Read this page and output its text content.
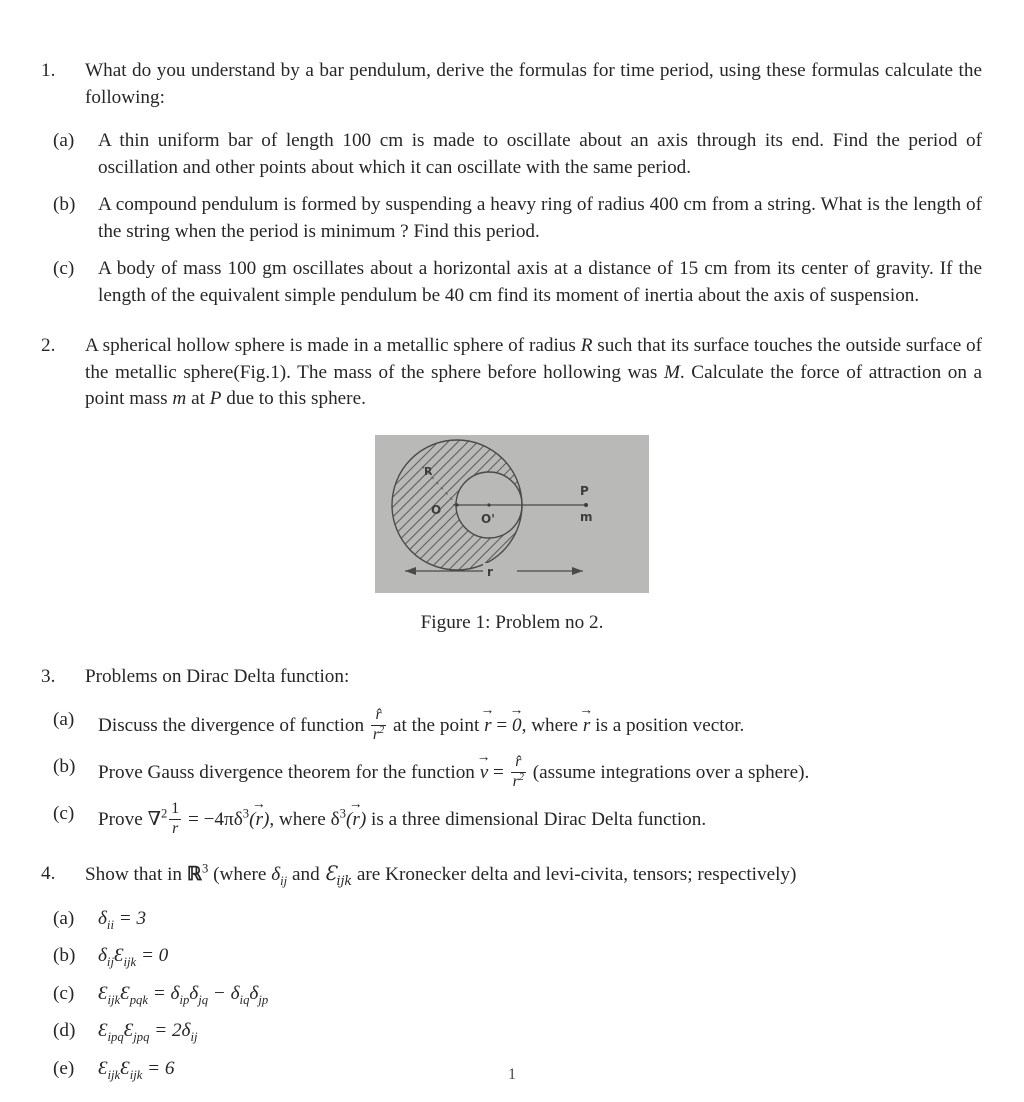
1.	What do you understand by a bar pendulum, derive the formulas for time period, using these formulas calculate the following:
(a)	A thin uniform bar of length 100 cm is made to oscillate about an axis through its end. Find the period of oscillation and other points about which it can oscillate with the same period.
(b)	A compound pendulum is formed by suspending a heavy ring of radius 400 cm from a string. What is the length of the string when the period is minimum ? Find this period.
(c)	A body of mass 100 gm oscillates about a horizontal axis at a distance of 15 cm from its center of gravity. If the length of the equivalent simple pendulum be 40 cm find its moment of inertia about the axis of suspension.
2.	A spherical hollow sphere is made in a metallic sphere of radius R such that its surface touches the outside surface of the metallic sphere(Fig.1). The mass of the sphere before hollowing was M. Calculate the force of attraction on a point mass m at P due to this sphere.
O
O'
R
P
m
r
Figure 1: Problem no 2.
3.	Problems on Dirac Delta function:
(a)	Discuss the divergence of function $\frac{r̂}{r^2}$ at the point r → = 0 →, where r → is a position vector.
(b)	Prove Gauss divergence theorem for the function v → = $\frac{r̂}{r^2}$ (assume integrations over a sphere).
(c)	Prove $\nabla^2 \frac{1}{r} = -4\pi\delta^3(r$ →), where $\delta^3(r$ →) is a three dimensional Dirac Delta function.
4.	Show that in ℝ$^3$ (where $\delta_{ij}$ and $Ɛ_{ijk}$ are Kronecker delta and levi-civita, tensors; respectively)
(a)	$\delta_{ii} = 3$
(b)	$\delta_{ij}Ɛ_{ijk} = 0$
(c)	$Ɛ_{ijk}Ɛ_{pqk} = \delta_{ip}\delta_{jq} - \delta_{iq}\delta_{jp}$
(d)	$Ɛ_{ipq}Ɛ_{jpq} = 2\delta_{ij}$
(e)	$Ɛ_{ijk}Ɛ_{ijk} = 6$	1
